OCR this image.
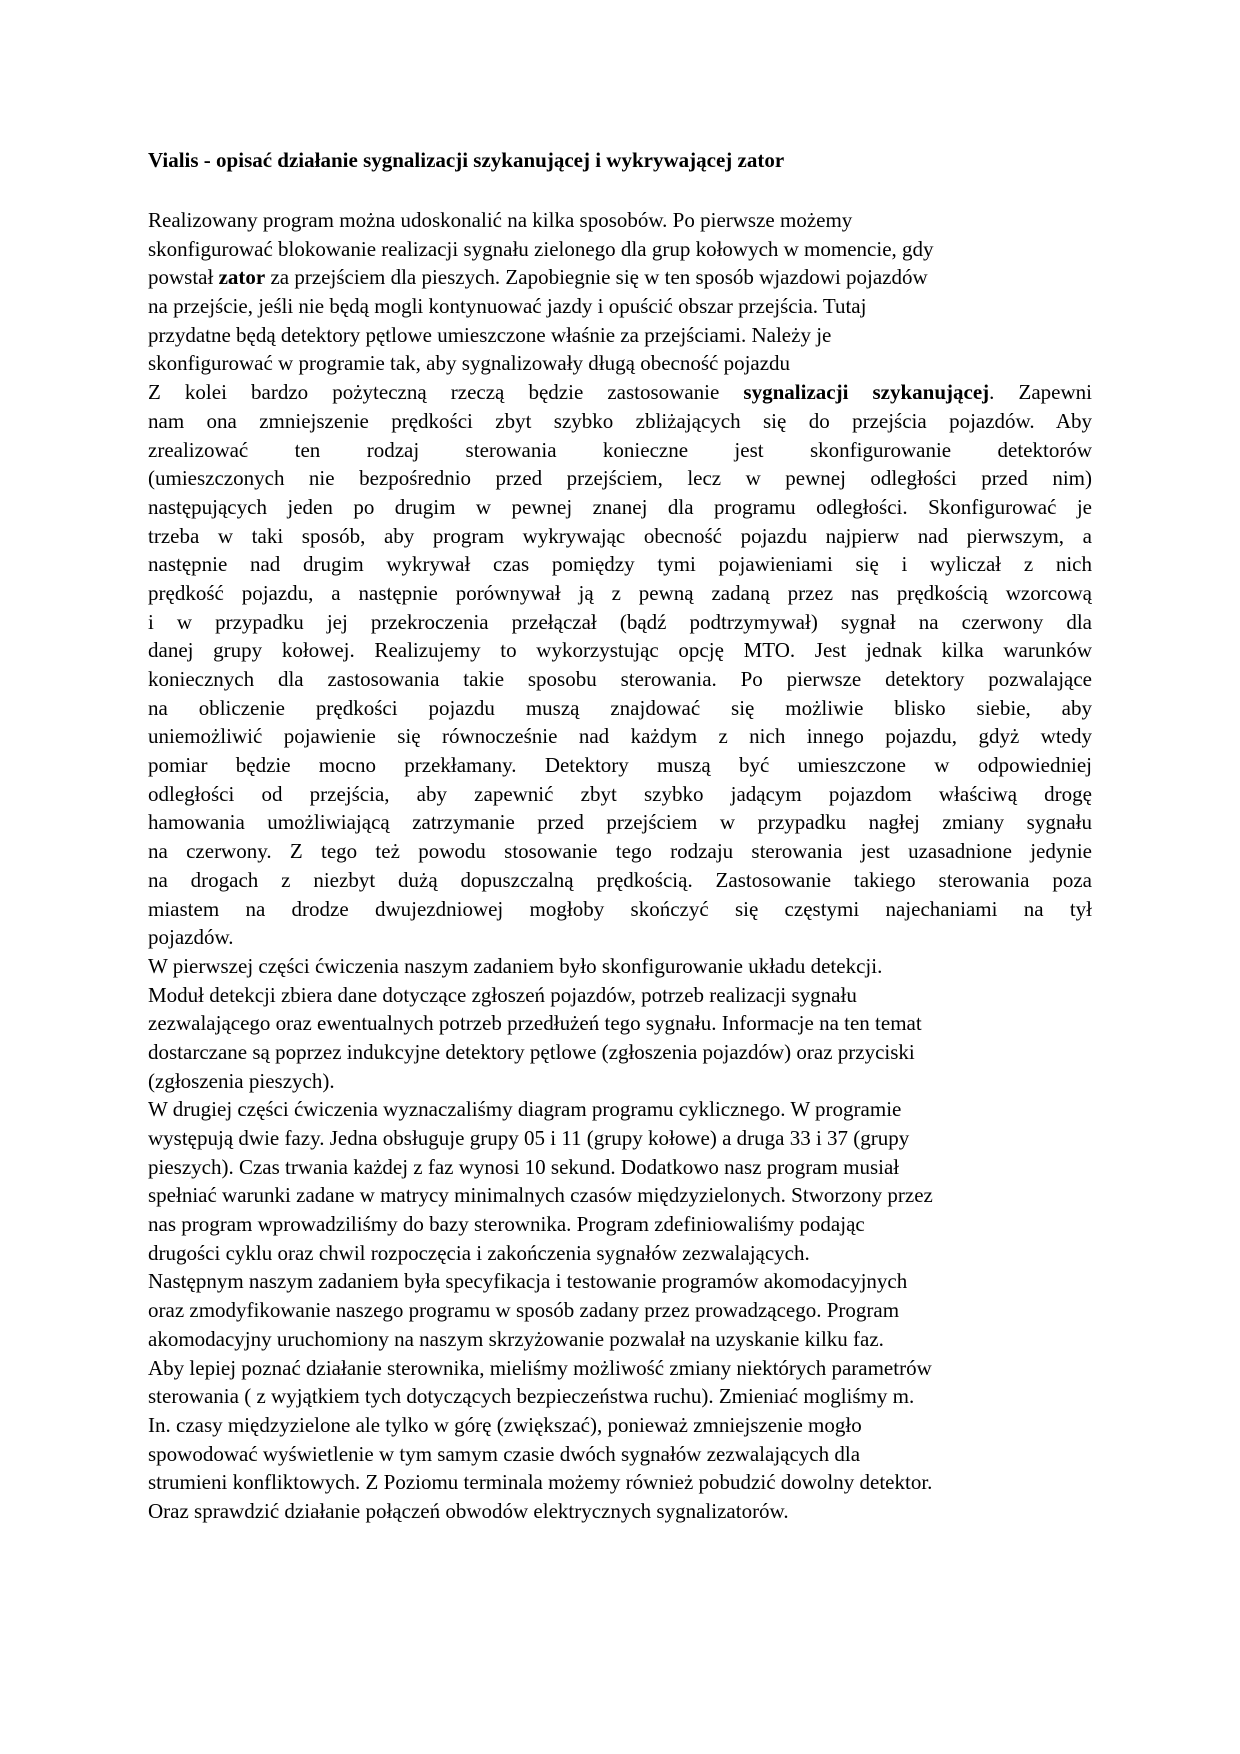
Vialis - opisać działanie sygnalizacji szykanującej i wykrywającej zator
Realizowany program można udoskonalić na kilka sposobów. Po pierwsze możemy
skonfigurować blokowanie realizacji sygnału zielonego dla grup kołowych w momencie, gdy
powstał zator za przejściem dla pieszych. Zapobiegnie się w ten sposób wjazdowi pojazdów
na przejście, jeśli nie będą mogli kontynuować jazdy i opuścić obszar przejścia. Tutaj
przydatne będą detektory pętlowe umieszczone właśnie za przejściami. Należy je
skonfigurować w programie tak, aby sygnalizowały długą obecność pojazdu
Z kolei bardzo pożyteczną rzeczą będzie zastosowanie sygnalizacji szykanującej. Zapewni
nam ona zmniejszenie prędkości zbyt szybko zbliżających się do przejścia pojazdów. Aby
zrealizować ten rodzaj sterowania konieczne jest skonfigurowanie detektorów
(umieszczonych nie bezpośrednio przed przejściem, lecz w pewnej odległości przed nim)
następujących jeden po drugim w pewnej znanej dla programu odległości. Skonfigurować je
trzeba w taki sposób, aby program wykrywając obecność pojazdu najpierw nad pierwszym, a
następnie nad drugim wykrywał czas pomiędzy tymi pojawieniami się i wyliczał z nich
prędkość pojazdu, a następnie porównywał ją z pewną zadaną przez nas prędkością wzorcową
i w przypadku jej przekroczenia przełączał (bądź podtrzymywał) sygnał na czerwony dla
danej grupy kołowej. Realizujemy to wykorzystując opcję MTO. Jest jednak kilka warunków
koniecznych dla zastosowania takie sposobu sterowania. Po pierwsze detektory pozwalające
na obliczenie prędkości pojazdu muszą znajdować się możliwie blisko siebie, aby
uniemożliwić pojawienie się równocześnie nad każdym z nich innego pojazdu, gdyż wtedy
pomiar będzie mocno przekłamany. Detektory muszą być umieszczone w odpowiedniej
odległości od przejścia, aby zapewnić zbyt szybko jadącym pojazdom właściwą drogę
hamowania umożliwiającą zatrzymanie przed przejściem w przypadku nagłej zmiany sygnału
na czerwony. Z tego też powodu stosowanie tego rodzaju sterowania jest uzasadnione jedynie
na drogach z niezbyt dużą dopuszczalną prędkością. Zastosowanie takiego sterowania poza
miastem na drodze dwujezdniowej mogłoby skończyć się częstymi najechaniami na tył
pojazdów.
W pierwszej części ćwiczenia naszym zadaniem było skonfigurowanie układu detekcji.
Moduł detekcji zbiera dane dotyczące zgłoszeń pojazdów, potrzeb realizacji sygnału
zezwalającego oraz ewentualnych potrzeb przedłużeń tego sygnału. Informacje na ten temat
dostarczane są poprzez indukcyjne detektory pętlowe (zgłoszenia pojazdów) oraz przyciski
(zgłoszenia pieszych).
W drugiej części ćwiczenia wyznaczaliśmy diagram programu cyklicznego. W programie
występują dwie fazy. Jedna obsługuje grupy 05 i 11 (grupy kołowe) a druga 33 i 37 (grupy
pieszych). Czas trwania każdej z faz wynosi 10 sekund. Dodatkowo nasz program musiał
spełniać warunki zadane w matrycy minimalnych czasów międzyzielonych. Stworzony przez
nas program wprowadziliśmy do bazy sterownika. Program zdefiniowaliśmy podając
drugości cyklu oraz chwil rozpoczęcia i zakończenia sygnałów zezwalających.
Następnym naszym zadaniem była specyfikacja i testowanie programów akomodacyjnych
oraz zmodyfikowanie naszego programu w sposób zadany przez prowadzącego. Program
akomodacyjny uruchomiony na naszym skrzyżowanie pozwalał na uzyskanie kilku faz.
Aby lepiej poznać działanie sterownika, mieliśmy możliwość zmiany niektórych parametrów
sterowania ( z wyjątkiem tych dotyczących bezpieczeństwa ruchu). Zmieniać mogliśmy m.
In. czasy międzyzielone ale tylko w górę (zwiększać), ponieważ zmniejszenie mogło
spowodować wyświetlenie w tym samym czasie dwóch sygnałów zezwalających dla
strumieni konfliktowych. Z Poziomu terminala możemy również pobudzić dowolny detektor.
Oraz sprawdzić działanie połączeń obwodów elektrycznych sygnalizatorów.
